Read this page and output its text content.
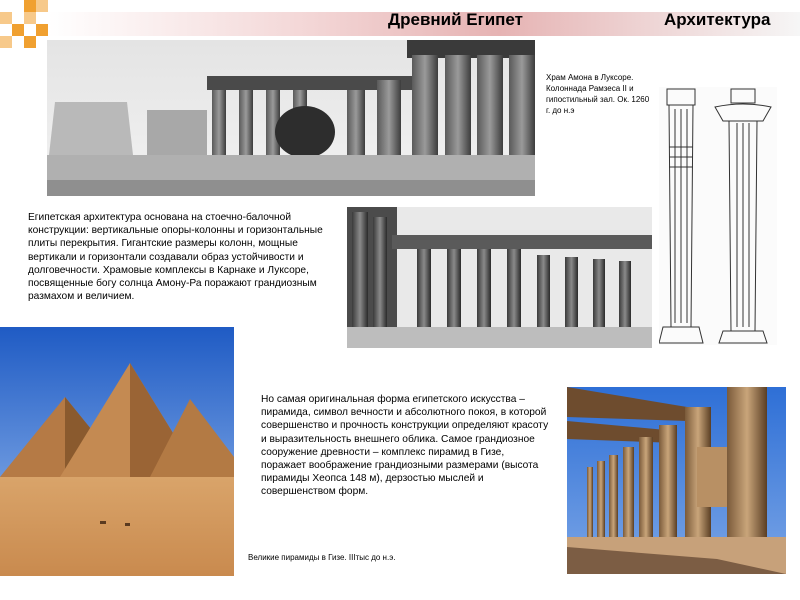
Древний Египет	Архитектура
Храм Амона в Луксоре. Колоннада Рамзеса II и гипостильный зал. Ок. 1260 г. до н.э
Египетская архитектура основана на стоечно-балочной конструкции: вертикальные опоры-колонны и горизонтальные плиты перекрытия. Гигантские размеры колонн, мощные вертикали и горизонтали создавали образ устойчивости и долговечности. Храмовые комплексы в Карнаке и Луксоре, посвященные богу солнца Амону-Ра поражают грандиозным размахом и величием.
Но самая оригинальная форма египетского искусства – пирамида, символ вечности и абсолютного покоя, в которой совершенство и прочность конструкции определяют красоту и выразительность внешнего облика. Самое грандиозное сооружение древности – комплекс пирамид в Гизе, поражает воображение грандиозными размерами (высота пирамиды Хеопса 148 м), дерзостью мыслей и совершенством форм.
Великие пирамиды в Гизе. IIIтыс до н.э.
